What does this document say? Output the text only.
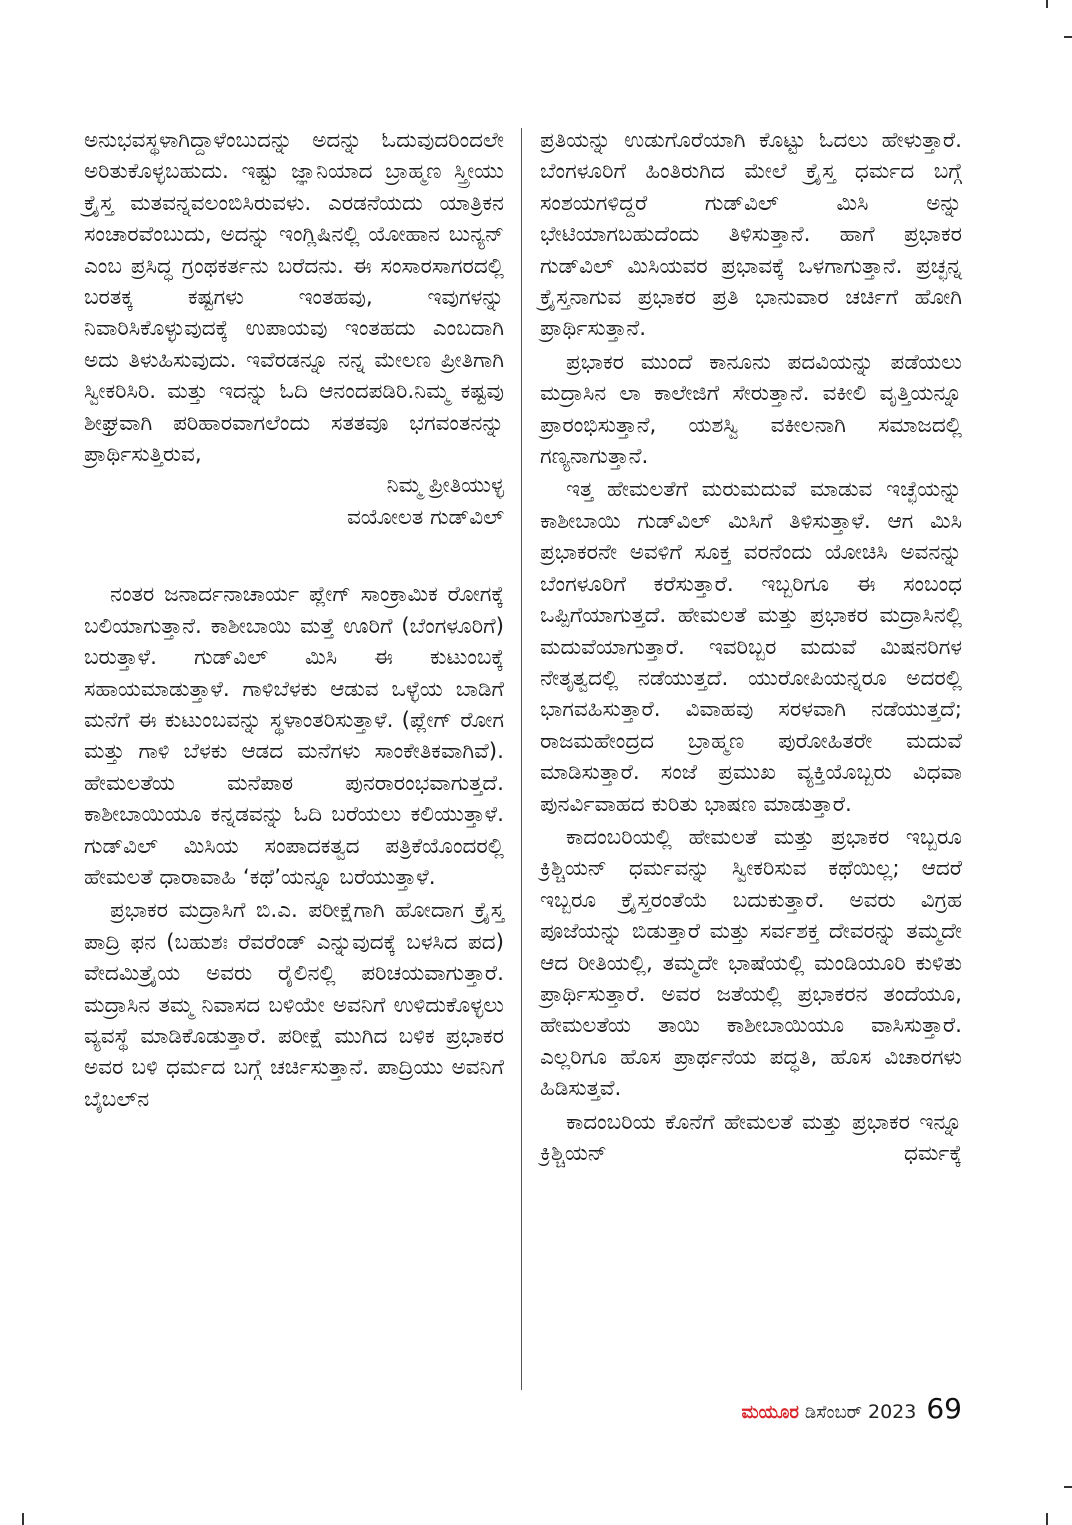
ಅನುಭವಸ್ಥಳಾಗಿದ್ದಾಳೆಂಬುದನ್ನು ಅದನ್ನು ಓದುವುದರಿಂದಲೇ ಅರಿತುಕೊಳ್ಳಬಹುದು. ಇಷ್ಟು ಜ್ಞಾನಿಯಾದ ಬ್ರಾಹ್ಮಣ ಸ್ತ್ರೀಯು ಕ್ರೈಸ್ತ ಮತವನ್ನವಲಂಬಿಸಿರುವಳು. ಎರಡನೆಯದು ಯಾತ್ರಿಕನ ಸಂಚಾರವೆಂಬುದು, ಅದನ್ನು ಇಂಗ್ಲಿಷಿನಲ್ಲಿ ಯೋಹಾನ ಬುನ್ಯನ್ ಎಂಬ ಪ್ರಸಿದ್ಧ ಗ್ರಂಥಕರ್ತನು ಬರೆದನು. ಈ ಸಂಸಾರಸಾಗರದಲ್ಲಿ ಬರತಕ್ಕ ಕಷ್ಟಗಳು ಇಂತಹವು, ಇವುಗಳನ್ನು ನಿವಾರಿಸಿಕೊಳ್ಳುವುದಕ್ಕೆ ಉಪಾಯವು ಇಂತಹದು ಎಂಬದಾಗಿ ಅದು ತಿಳುಹಿಸುವುದು. ಇವೆರಡನ್ನೂ ನನ್ನ ಮೇಲಣ ಪ್ರೀತಿಗಾಗಿ ಸ್ವೀಕರಿಸಿರಿ. ಮತ್ತು ಇದನ್ನು ಓದಿ ಆನಂದಪಡಿರಿ.ನಿಮ್ಮ ಕಷ್ಟವು ಶೀಘ್ರವಾಗಿ ಪರಿಹಾರವಾಗಲೆಂದು ಸತತವೂ ಭಗವಂತನನ್ನು ಪ್ರಾರ್ಥಿಸುತ್ತಿರುವ,

ನಿಮ್ಮ ಪ್ರೀತಿಯುಳ್ಳ

ವಯೋಲತ ಗುಡ್‌ವಿಲ್

ನಂತರ ಜನಾರ್ದನಾಚಾರ್ಯ ಪ್ಲೇಗ್ ಸಾಂಕ್ರಾಮಿಕ ರೋಗಕ್ಕೆ ಬಲಿಯಾಗುತ್ತಾನೆ. ಕಾಶೀಬಾಯಿ ಮತ್ತೆ ಊರಿಗೆ (ಬೆಂಗಳೂರಿಗೆ) ಬರುತ್ತಾಳೆ. ಗುಡ್‌ವಿಲ್ ಮಿಸಿ ಈ ಕುಟುಂಬಕ್ಕೆ ಸಹಾಯಮಾಡುತ್ತಾಳೆ. ಗಾಳಿಬೆಳಕು ಆಡುವ ಒಳ್ಳೆಯ ಬಾಡಿಗೆ ಮನೆಗೆ ಈ ಕುಟುಂಬವನ್ನು ಸ್ಥಳಾಂತರಿಸುತ್ತಾಳೆ. (ಪ್ಲೇಗ್ ರೋಗ ಮತ್ತು ಗಾಳಿ ಬೆಳಕು ಆಡದ ಮನೆಗಳು ಸಾಂಕೇತಿಕವಾಗಿವೆ). ಹೇಮಲತೆಯ ಮನೆಪಾಠ ಪುನರಾರಂಭವಾಗುತ್ತದೆ. ಕಾಶೀಬಾಯಿಯೂ ಕನ್ನಡವನ್ನು ಓದಿ ಬರೆಯಲು ಕಲಿಯುತ್ತಾಳೆ. ಗುಡ್‌ವಿಲ್ ಮಿಸಿಯ ಸಂಪಾದಕತ್ವದ ಪತ್ರಿಕೆಯೊಂದರಲ್ಲಿ ಹೇಮಲತೆ ಧಾರಾವಾಹಿ ‘ಕಥೆ’ಯನ್ನೂ ಬರೆಯುತ್ತಾಳೆ.

ಪ್ರಭಾಕರ ಮದ್ರಾಸಿಗೆ ಬಿ.ಎ. ಪರೀಕ್ಷೆಗಾಗಿ ಹೋದಾಗ ಕ್ರೈಸ್ತ ಪಾದ್ರಿ ಫನ (ಬಹುಶಃ ರೆವರೆಂಡ್ ಎನ್ನುವುದಕ್ಕೆ ಬಳಸಿದ ಪದ) ವೇದಮಿತ್ರೈಯ ಅವರು ರೈಲಿನಲ್ಲಿ ಪರಿಚಯವಾಗುತ್ತಾರೆ. ಮದ್ರಾಸಿನ ತಮ್ಮ ನಿವಾಸದ ಬಳಿಯೇ ಅವನಿಗೆ ಉಳಿದುಕೊಳ್ಳಲು ವ್ಯವಸ್ಥೆ ಮಾಡಿಕೊಡುತ್ತಾರೆ. ಪರೀಕ್ಷೆ ಮುಗಿದ ಬಳಿಕ ಪ್ರಭಾಕರ ಅವರ ಬಳಿ ಧರ್ಮದ ಬಗ್ಗೆ ಚರ್ಚಿಸುತ್ತಾನೆ. ಪಾದ್ರಿಯು ಅವನಿಗೆ ಬೈಬಲ್‌ನ

ಪ್ರತಿಯನ್ನು ಉಡುಗೊರೆಯಾಗಿ ಕೊಟ್ಟು ಓದಲು ಹೇಳುತ್ತಾರೆ. ಬೆಂಗಳೂರಿಗೆ ಹಿಂತಿರುಗಿದ ಮೇಲೆ ಕ್ರೈಸ್ತ ಧರ್ಮದ ಬಗ್ಗೆ ಸಂಶಯಗಳಿದ್ದರೆ ಗುಡ್‌ವಿಲ್ ಮಿಸಿ ಅನ್ನು ಭೇಟಿಯಾಗಬಹುದೆಂದು ತಿಳಿಸುತ್ತಾನೆ. ಹಾಗೆ ಪ್ರಭಾಕರ ಗುಡ್‌ವಿಲ್ ಮಿಸಿಯವರ ಪ್ರಭಾವಕ್ಕೆ ಒಳಗಾಗುತ್ತಾನೆ. ಪ್ರಚ್ಛನ್ನ ಕ್ರೈಸ್ತನಾಗುವ ಪ್ರಭಾಕರ ಪ್ರತಿ ಭಾನುವಾರ ಚರ್ಚಿಗೆ ಹೋಗಿ ಪ್ರಾರ್ಥಿಸುತ್ತಾನೆ.

ಪ್ರಭಾಕರ ಮುಂದೆ ಕಾನೂನು ಪದವಿಯನ್ನು ಪಡೆಯಲು ಮದ್ರಾಸಿನ ಲಾ ಕಾಲೇಜಿಗೆ ಸೇರುತ್ತಾನೆ. ವಕೀಲಿ ವೃತ್ತಿಯನ್ನೂ ಪ್ರಾರಂಭಿಸುತ್ತಾನೆ, ಯಶಸ್ವಿ ವಕೀಲನಾಗಿ ಸಮಾಜದಲ್ಲಿ ಗಣ್ಯನಾಗುತ್ತಾನೆ.

ಇತ್ತ ಹೇಮಲತೆಗೆ ಮರುಮದುವೆ ಮಾಡುವ ಇಚ್ಛೆಯನ್ನು ಕಾಶೀಬಾಯಿ ಗುಡ್‌ವಿಲ್ ಮಿಸಿಗೆ ತಿಳಿಸುತ್ತಾಳೆ. ಆಗ ಮಿಸಿ ಪ್ರಭಾಕರನೇ ಅವಳಿಗೆ ಸೂಕ್ತ ವರನೆಂದು ಯೋಚಿಸಿ ಅವನನ್ನು ಬೆಂಗಳೂರಿಗೆ ಕರೆಸುತ್ತಾರೆ. ಇಬ್ಬರಿಗೂ ಈ ಸಂಬಂಧ ಒಪ್ಪಿಗೆಯಾಗುತ್ತದೆ. ಹೇಮಲತೆ ಮತ್ತು ಪ್ರಭಾಕರ ಮದ್ರಾಸಿನಲ್ಲಿ ಮದುವೆಯಾಗುತ್ತಾರೆ. ಇವರಿಬ್ಬರ ಮದುವೆ ಮಿಷನರಿಗಳ ನೇತೃತ್ವದಲ್ಲಿ ನಡೆಯುತ್ತದೆ. ಯುರೋಪಿಯನ್ನರೂ ಅದರಲ್ಲಿ ಭಾಗವಹಿಸುತ್ತಾರೆ. ವಿವಾಹವು ಸರಳವಾಗಿ ನಡೆಯುತ್ತದೆ; ರಾಜಮಹೇಂದ್ರದ ಬ್ರಾಹ್ಮಣ ಪುರೋಹಿತರೇ ಮದುವೆ ಮಾಡಿಸುತ್ತಾರೆ. ಸಂಜೆ ಪ್ರಮುಖ ವ್ಯಕ್ತಿಯೊಬ್ಬರು ವಿಧವಾ ಪುನರ್ವಿವಾಹದ ಕುರಿತು ಭಾಷಣ ಮಾಡುತ್ತಾರೆ.

ಕಾದಂಬರಿಯಲ್ಲಿ ಹೇಮಲತೆ ಮತ್ತು ಪ್ರಭಾಕರ ಇಬ್ಬರೂ ಕ್ರಿಶ್ಚಿಯನ್ ಧರ್ಮವನ್ನು ಸ್ವೀಕರಿಸುವ ಕಥೆಯಿಲ್ಲ; ಆದರೆ ಇಬ್ಬರೂ ಕ್ರೈಸ್ತರಂತೆಯೆ ಬದುಕುತ್ತಾರೆ. ಅವರು ವಿಗ್ರಹ ಪೂಜೆಯನ್ನು ಬಿಡುತ್ತಾರೆ ಮತ್ತು ಸರ್ವಶಕ್ತ ದೇವರನ್ನು ತಮ್ಮದೇ ಆದ ರೀತಿಯಲ್ಲಿ, ತಮ್ಮದೇ ಭಾಷೆಯಲ್ಲಿ ಮಂಡಿಯೂರಿ ಕುಳಿತು ಪ್ರಾರ್ಥಿಸುತ್ತಾರೆ. ಅವರ ಜತೆಯಲ್ಲಿ ಪ್ರಭಾಕರನ ತಂದೆಯೂ, ಹೇಮಲತೆಯ ತಾಯಿ ಕಾಶೀಬಾಯಿಯೂ ವಾಸಿಸುತ್ತಾರೆ. ಎಲ್ಲರಿಗೂ ಹೊಸ ಪ್ರಾರ್ಥನೆಯ ಪದ್ಧತಿ, ಹೊಸ ವಿಚಾರಗಳು ಹಿಡಿಸುತ್ತವೆ.

ಕಾದಂಬರಿಯ ಕೊನೆಗೆ ಹೇಮಲತೆ ಮತ್ತು ಪ್ರಭಾಕರ ಇನ್ನೂ ಕ್ರಿಶ್ಚಿಯನ್ ಧರ್ಮಕ್ಕೆ

ಮಯೂರ ಡಿಸೆಂಬರ್ 2023 69
